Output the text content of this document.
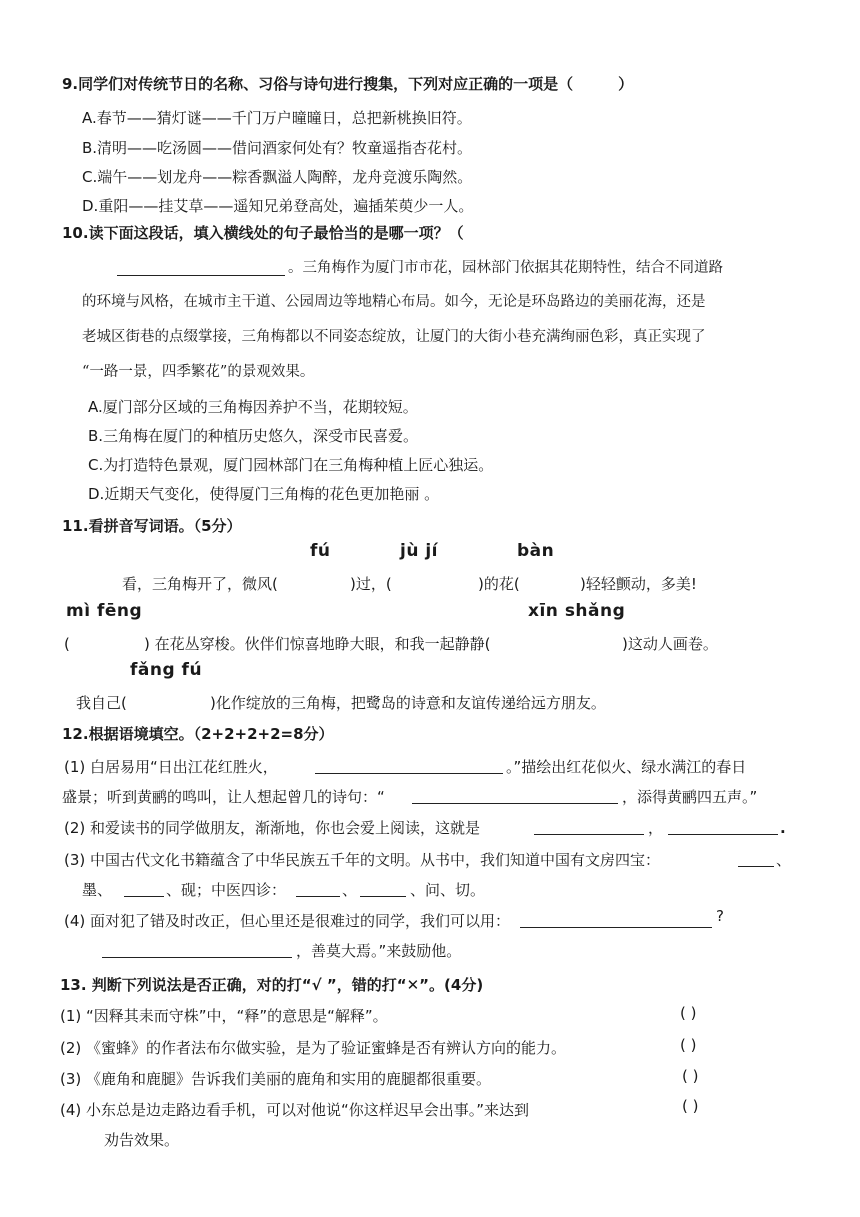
9.同学们对传统节日的名称、习俗与诗句进行搜集，下列对应正确的一项是（　　　）
A.春节——猜灯谜——千门万户曈曈日，总把新桃换旧符。
B.清明——吃汤圆——借问酒家何处有？牧童遥指杏花村。
C.端午——划龙舟——粽香飘溢人陶醉，龙舟竞渡乐陶然。
D.重阳——挂艾草——遥知兄弟登高处，遍插茱萸少一人。
10.读下面这段话，填入横线处的句子最恰当的是哪一项？（
。三角梅作为厦门市市花，园林部门依据其花期特性，结合不同道路
的环境与风格，在城市主干道、公园周边等地精心布局。如今，无论是环岛路边的美丽花海，还是
老城区街巷的点缀掌接，三角梅都以不同姿态绽放，让厦门的大街小巷充满绚丽色彩，真正实现了
“一路一景，四季繁花”的景观效果。
A.厦门部分区域的三角梅因养护不当，花期较短。
B.三角梅在厦门的种植历史悠久，深受市民喜爱。
C.为打造特色景观，厦门园林部门在三角梅种植上匠心独运。
D.近期天气变化，使得厦门三角梅的花色更加艳丽 。
11.看拼音写词语。（5分）
fú	jù jí	bàn
看，三角梅开了，微风(	)过，(	)的花(	)轻轻颤动，多美!
mì fēng	xīn shǎng
(	) 在花丛穿梭。伙伴们惊喜地睁大眼，和我一起静静(	)这动人画卷。
fǎng fú
我自己(	)化作绽放的三角梅，把鹭岛的诗意和友谊传递给远方朋友。
12.根据语境填空。（2+2+2+2=8分）
(1) 白居易用“日出江花红胜火，	。”描绘出红花似火、绿水满江的春日
盛景；听到黄鹂的鸣叫，让人想起曾几的诗句：“	，添得黄鹂四五声。”
(2) 和爱读书的同学做朋友，渐渐地，你也会爱上阅读，这就是	，	.
(3) 中国古代文化书籍蕴含了中华民族五千年的文明。从书中，我们知道中国有文房四宝：	、
墨、	、砚；中医四诊：	、	、问、切。
(4) 面对犯了错及时改正，但心里还是很难过的同学，我们可以用：	?
，善莫大焉。”来鼓励他。
13. 判断下列说法是否正确，对的打“√ ”，错的打“✕”。(4分)
(1) “因释其耒而守株”中，“释”的意思是“解释”。	( )
(2) 《蜜蜂》的作者法布尔做实验，是为了验证蜜蜂是否有辨认方向的能力。	( )
(3) 《鹿角和鹿腿》告诉我们美丽的鹿角和实用的鹿腿都很重要。	( )
(4) 小东总是边走路边看手机，可以对他说“你这样迟早会出事。”来达到	( )
劝告效果。
